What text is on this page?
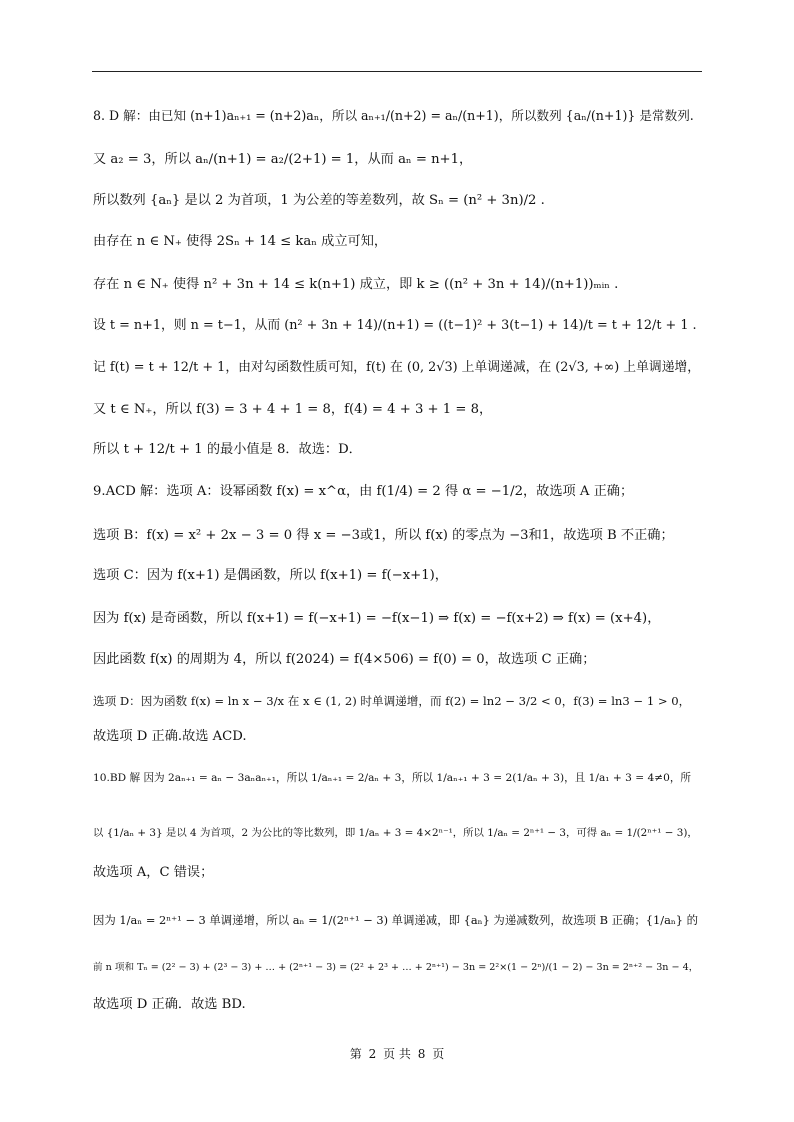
8. D 解：由已知 (n+1)aₙ₊₁ = (n+2)aₙ，所以 aₙ₊₁/(n+2) = aₙ/(n+1)，所以数列 {aₙ/(n+1)} 是常数列.
又 a₂ = 3，所以 aₙ/(n+1) = a₂/(2+1) = 1，从而 aₙ = n+1，
所以数列 {aₙ} 是以 2 为首项，1 为公差的等差数列，故 Sₙ = (n² + 3n)/2 .
由存在 n ∈ N₊ 使得 2Sₙ + 14 ≤ kaₙ 成立可知，
存在 n ∈ N₊ 使得 n² + 3n + 14 ≤ k(n+1) 成立，即 k ≥ ((n² + 3n + 14)/(n+1))ₘᵢₙ .
设 t = n+1，则 n = t−1，从而 (n² + 3n + 14)/(n+1) = ((t−1)² + 3(t−1) + 14)/t = t + 12/t + 1 .
记 f(t) = t + 12/t + 1，由对勾函数性质可知，f(t) 在 (0, 2√3) 上单调递减，在 (2√3, +∞) 上单调递增，
又 t ∈ N₊，所以 f(3) = 3 + 4 + 1 = 8，f(4) = 4 + 3 + 1 = 8，
所以 t + 12/t + 1 的最小值是 8．故选：D．
9.ACD 解：选项 A：设幂函数 f(x) = x^α，由 f(1/4) = 2 得 α = −1/2，故选项 A 正确；
选项 B：f(x) = x² + 2x − 3 = 0 得 x = −3或1，所以 f(x) 的零点为 −3和1，故选项 B 不正确；
选项 C：因为 f(x+1) 是偶函数，所以 f(x+1) = f(−x+1)，
因为 f(x) 是奇函数，所以 f(x+1) = f(−x+1) = −f(x−1) ⇒ f(x) = −f(x+2) ⇒ f(x) = (x+4)，
因此函数 f(x) 的周期为 4，所以 f(2024) = f(4×506) = f(0) = 0，故选项 C 正确；
选项 D：因为函数 f(x) = ln x − 3/x 在 x ∈ (1, 2) 时单调递增，而 f(2) = ln2 − 3/2 < 0，f(3) = ln3 − 1 > 0，
故选项 D 正确.故选 ACD.
10.BD 解 因为 2aₙ₊₁ = aₙ − 3aₙaₙ₊₁，所以 1/aₙ₊₁ = 2/aₙ + 3，所以 1/aₙ₊₁ + 3 = 2(1/aₙ + 3)，且 1/a₁ + 3 = 4≠0，所
以 {1/aₙ + 3} 是以 4 为首项，2 为公比的等比数列，即 1/aₙ + 3 = 4×2ⁿ⁻¹，所以 1/aₙ = 2ⁿ⁺¹ − 3，可得 aₙ = 1/(2ⁿ⁺¹ − 3)，
故选项 A，C 错误；
因为 1/aₙ = 2ⁿ⁺¹ − 3 单调递增，所以 aₙ = 1/(2ⁿ⁺¹ − 3) 单调递减，即 {aₙ} 为递减数列，故选项 B 正确；{1/aₙ} 的
前 n 项和 Tₙ = (2² − 3) + (2³ − 3) + … + (2ⁿ⁺¹ − 3) = (2² + 2³ + … + 2ⁿ⁺¹) − 3n = 2²×(1 − 2ⁿ)/(1 − 2) − 3n = 2ⁿ⁺² − 3n − 4，
故选项 D 正确．故选 BD.
第 2 页 共 8 页
